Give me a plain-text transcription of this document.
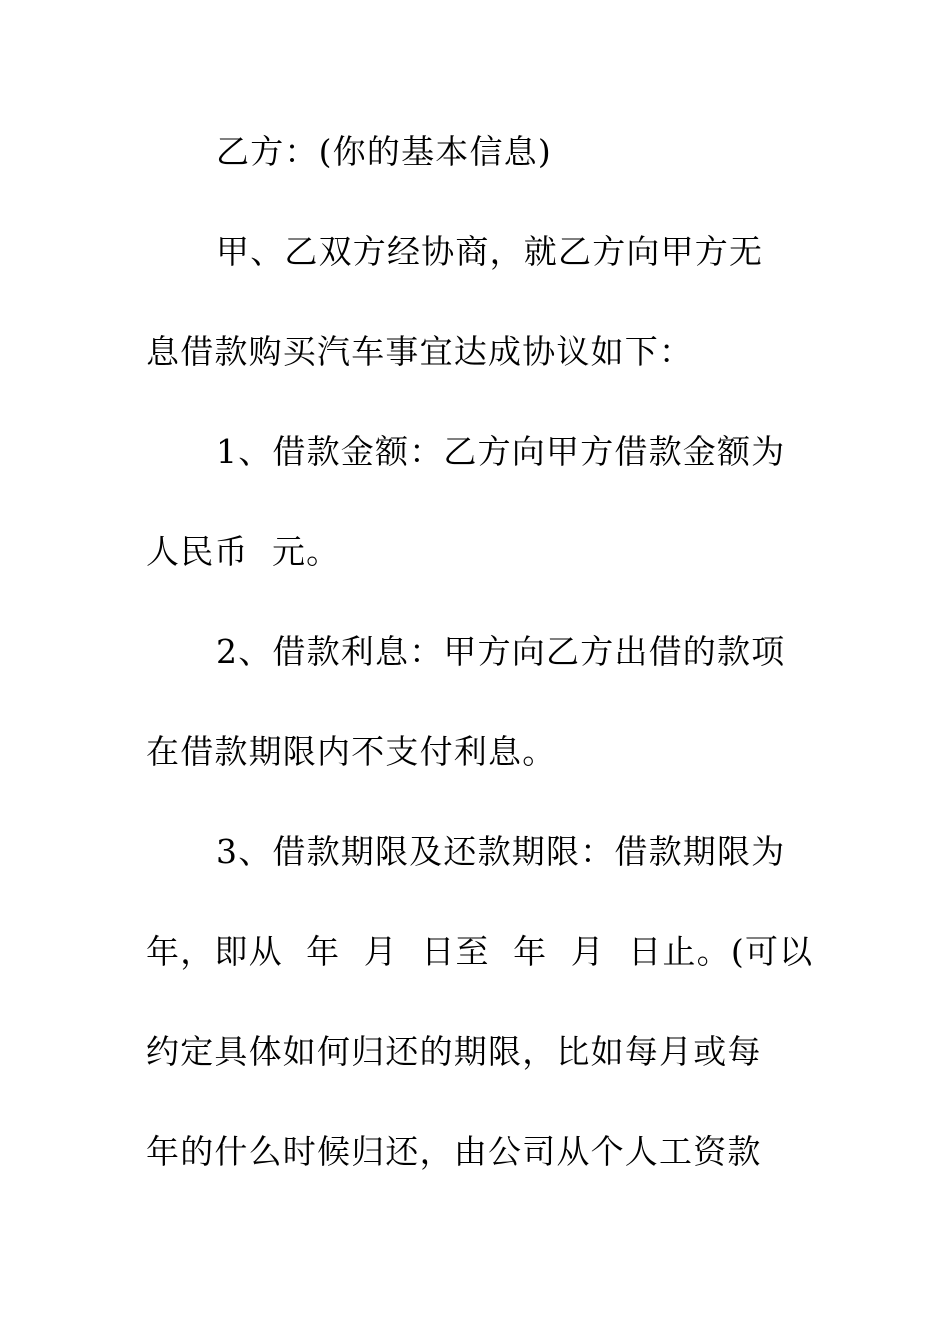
乙方：(你的基本信息)
甲、乙双方经协商，就乙方向甲方无
息借款购买汽车事宜达成协议如下：
1、借款金额：乙方向甲方借款金额为
人民币  元。
2、借款利息：甲方向乙方出借的款项
在借款期限内不支付利息。
3、借款期限及还款期限：借款期限为
年，即从  年  月  日至  年  月  日止。(可以
约定具体如何归还的期限，比如每月或每
年的什么时候归还，由公司从个人工资款
